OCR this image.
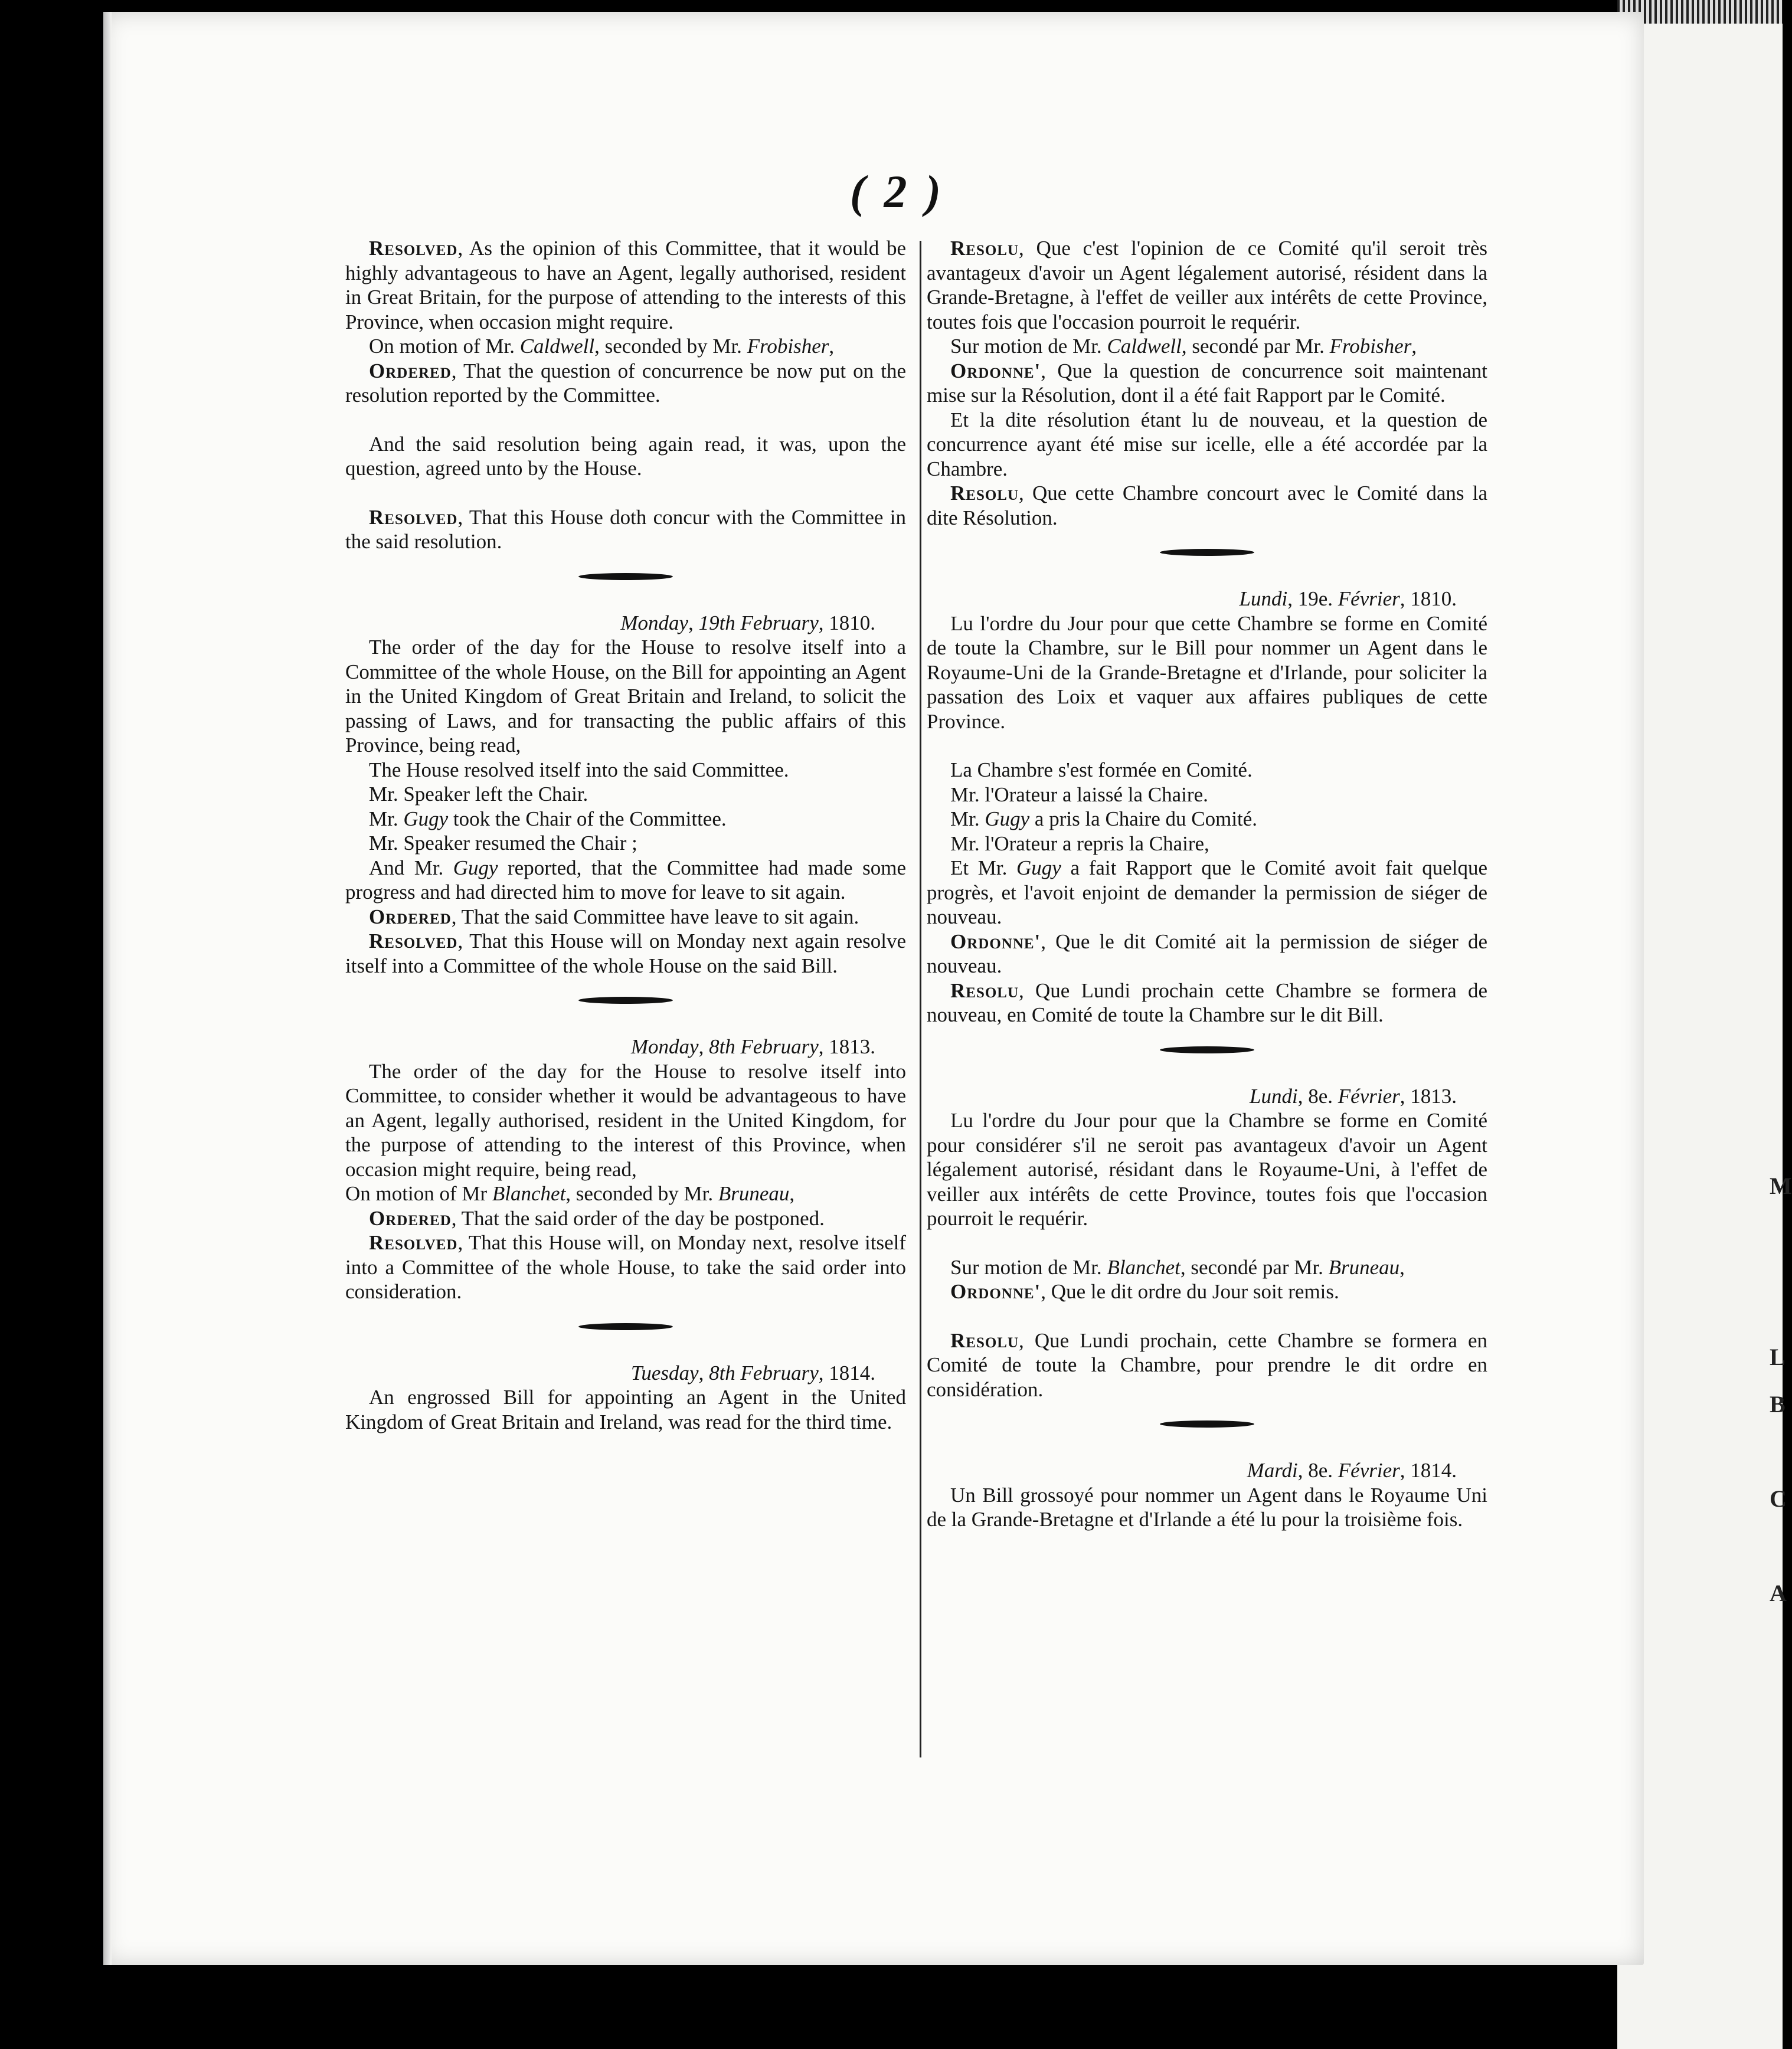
M
L
B
C
A
( 2 )

Resolved, As the opinion of this Committee, that it would be highly advantageous to have an Agent, legally authorised, resident in Great Britain, for the purpose of attending to the interests of this Province, when occasion might require.

On motion of Mr. Caldwell, seconded by Mr. Frobisher,

Ordered, That the question of concurrence be now put on the resolution reported by the Committee.

And the said resolution being again read, it was, upon the question, agreed unto by the House.

Resolved, That this House doth concur with the Committee in the said resolution.

Monday, 19th February, 1810.

The order of the day for the House to resolve itself into a Committee of the whole House, on the Bill for appointing an Agent in the United Kingdom of Great Britain and Ireland, to solicit the passing of Laws, and for transacting the public affairs of this Province, being read,

The House resolved itself into the said Committee.

Mr. Speaker left the Chair.

Mr. Gugy took the Chair of the Committee.

Mr. Speaker resumed the Chair ;

And Mr. Gugy reported, that the Committee had made some progress and had directed him to move for leave to sit again.

Ordered, That the said Committee have leave to sit again.

Resolved, That this House will on Monday next again resolve itself into a Committee of the whole House on the said Bill.

Monday, 8th February, 1813.

The order of the day for the House to resolve itself into Committee, to consider whether it would be advantageous to have an Agent, legally authorised, resident in the United Kingdom, for the purpose of attending to the interest of this Province, when occasion might require, being read,

On motion of Mr Blanchet, seconded by Mr. Bruneau,

Ordered, That the said order of the day be postponed.

Resolved, That this House will, on Monday next, resolve itself into a Committee of the whole House, to take the said order into consideration.

Tuesday, 8th February, 1814.

An engrossed Bill for appointing an Agent in the United Kingdom of Great Britain and Ireland, was read for the third time.

Resolu, Que c'est l'opinion de ce Comité qu'il seroit très avantageux d'avoir un Agent légalement autorisé, résident dans la Grande-Bretagne, à l'effet de veiller aux intérêts de cette Province, toutes fois que l'occasion pourroit le requérir.

Sur motion de Mr. Caldwell, secondé par Mr. Frobisher,

Ordonne', Que la question de concurrence soit maintenant mise sur la Résolution, dont il a été fait Rapport par le Comité.

Et la dite résolution étant lu de nouveau, et la question de concurrence ayant été mise sur icelle, elle a été accordée par la Chambre.

Resolu, Que cette Chambre concourt avec le Comité dans la dite Résolution.

Lundi, 19e. Février, 1810.

Lu l'ordre du Jour pour que cette Chambre se forme en Comité de toute la Chambre, sur le Bill pour nommer un Agent dans le Royaume-Uni de la Grande-Bretagne et d'Irlande, pour soliciter la passation des Loix et vaquer aux affaires publiques de cette Province.

La Chambre s'est formée en Comité.

Mr. l'Orateur a laissé la Chaire.

Mr. Gugy a pris la Chaire du Comité.

Mr. l'Orateur a repris la Chaire,

Et Mr. Gugy a fait Rapport que le Comité avoit fait quelque progrès, et l'avoit enjoint de demander la permission de siéger de nouveau.

Ordonne', Que le dit Comité ait la permission de siéger de nouveau.

Resolu, Que Lundi prochain cette Chambre se formera de nouveau, en Comité de toute la Chambre sur le dit Bill.

Lundi, 8e. Février, 1813.

Lu l'ordre du Jour pour que la Chambre se forme en Comité pour considérer s'il ne seroit pas avantageux d'avoir un Agent légalement autorisé, résidant dans le Royaume-Uni, à l'effet de veiller aux intérêts de cette Province, toutes fois que l'occasion pourroit le requérir.

Sur motion de Mr. Blanchet, secondé par Mr. Bruneau,

Ordonne', Que le dit ordre du Jour soit remis.

Resolu, Que Lundi prochain, cette Chambre se formera en Comité de toute la Chambre, pour prendre le dit ordre en considération.

Mardi, 8e. Février, 1814.

Un Bill grossoyé pour nommer un Agent dans le Royaume Uni de la Grande-Bretagne et d'Irlande a été lu pour la troisième fois.
